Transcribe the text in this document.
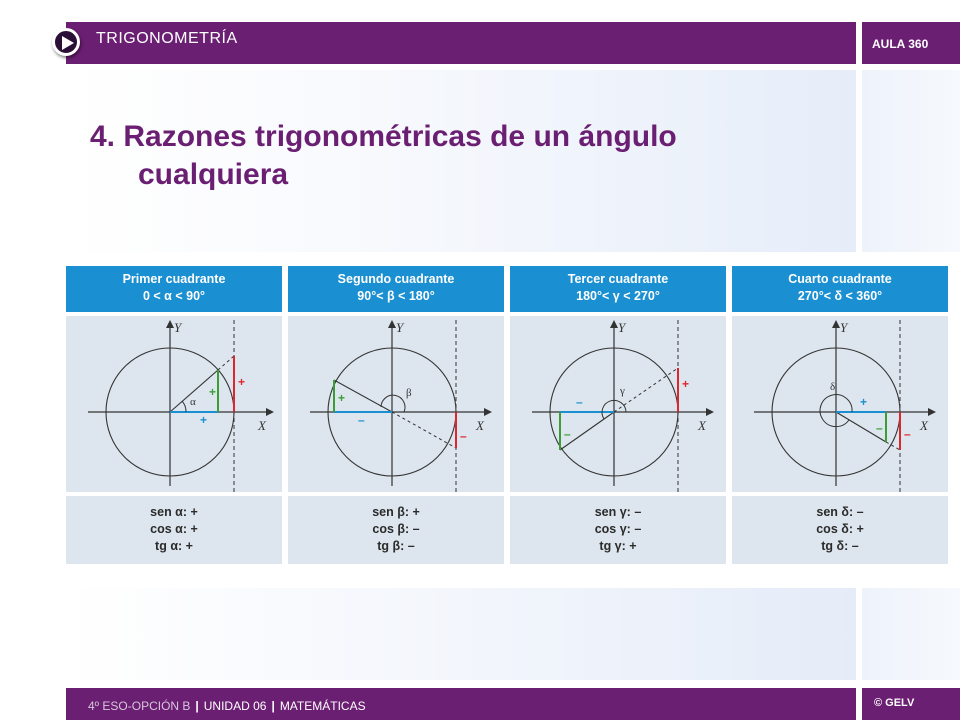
TRIGONOMETRÍA	AULA 360
4. Razones trigonométricas de un ángulo cualquiera
Primer cuadrante
0 < α < 90°
α
+
+
+
X
Y
sen α: +
cos α: +
tg α: +
Segundo cuadrante
90°< β < 180°
β
+
–
–
X
Y
sen β: +
cos β: –
tg β: –
Tercer cuadrante
180°< γ < 270°
γ
–
–
+
X
Y
sen γ: –
cos γ: –
tg γ: +
Cuarto cuadrante
270°< δ < 360°
δ
–
+
–
X
Y
sen δ: –
cos δ: +
tg δ: –
4º ESO-OPCIÓN B | UNIDAD 06 | MATEMÁTICAS	© GELV
